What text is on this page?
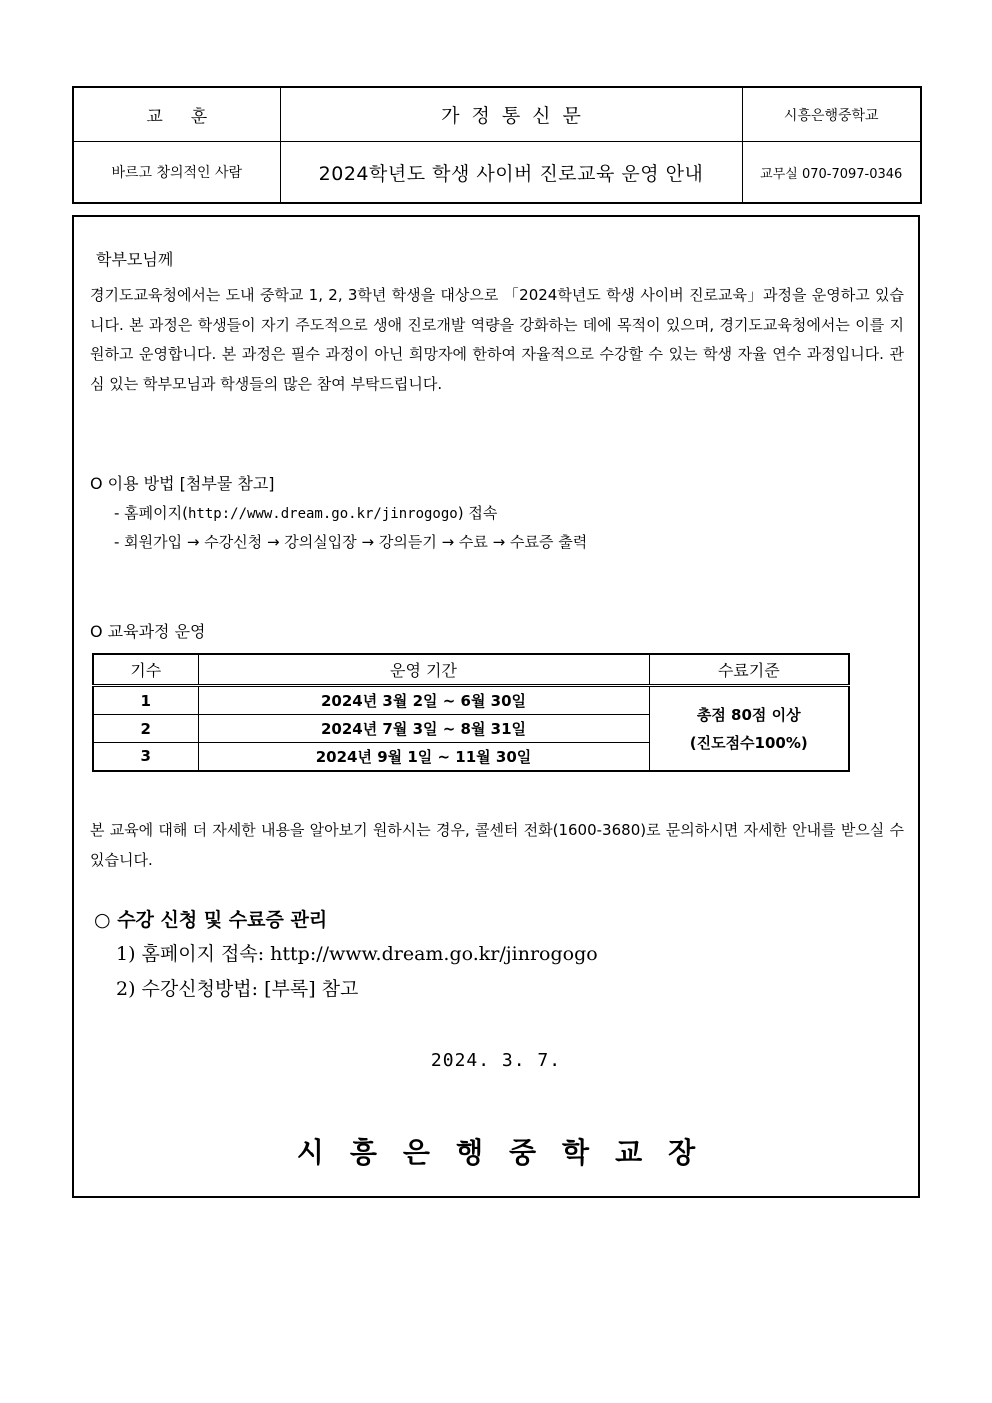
교훈	가정통신문	시흥은행중학교
바르고 창의적인 사람	2024학년도 학생 사이버 진로교육 운영 안내	교무실 070-7097-0346
학부모님께
경기도교육청에서는 도내 중학교 1, 2, 3학년 학생을 대상으로 「2024학년도 학생 사이버 진로교육」과정을 운영하고 있습니다. 본 과정은 학생들이 자기 주도적으로 생애 진로개발 역량을 강화하는 데에 목적이 있으며, 경기도교육청에서는 이를 지원하고 운영합니다. 본 과정은 필수 과정이 아닌 희망자에 한하여 자율적으로 수강할 수 있는 학생 자율 연수 과정입니다. 관심 있는 학부모님과 학생들의 많은 참여 부탁드립니다.
O 이용 방법 [첨부물 참고]
- 홈페이지(http://www.dream.go.kr/jinrogogo) 접속
- 회원가입 → 수강신청 → 강의실입장 → 강의듣기 → 수료 → 수료증 출력
O 교육과정 운영
기수	운영 기간	수료기준
1	2024년 3월 2일 ~ 6월 30일	총점 80점 이상
(진도점수100%)

2	2024년 7월 3일 ~ 8월 31일	
3	2024년 9월 1일 ~ 11월 30일	
본 교육에 대해 더 자세한 내용을 알아보기 원하시는 경우, 콜센터 전화(1600-3680)로 문의하시면 자세한 안내를 받으실 수 있습니다.
○ 수강 신청 및 수료증 관리
1) 홈페이지 접속: http://www.dream.go.kr/jinrogogo
2) 수강신청방법: [부록] 참고
2024. 3. 7.
시흥은행중학교장
